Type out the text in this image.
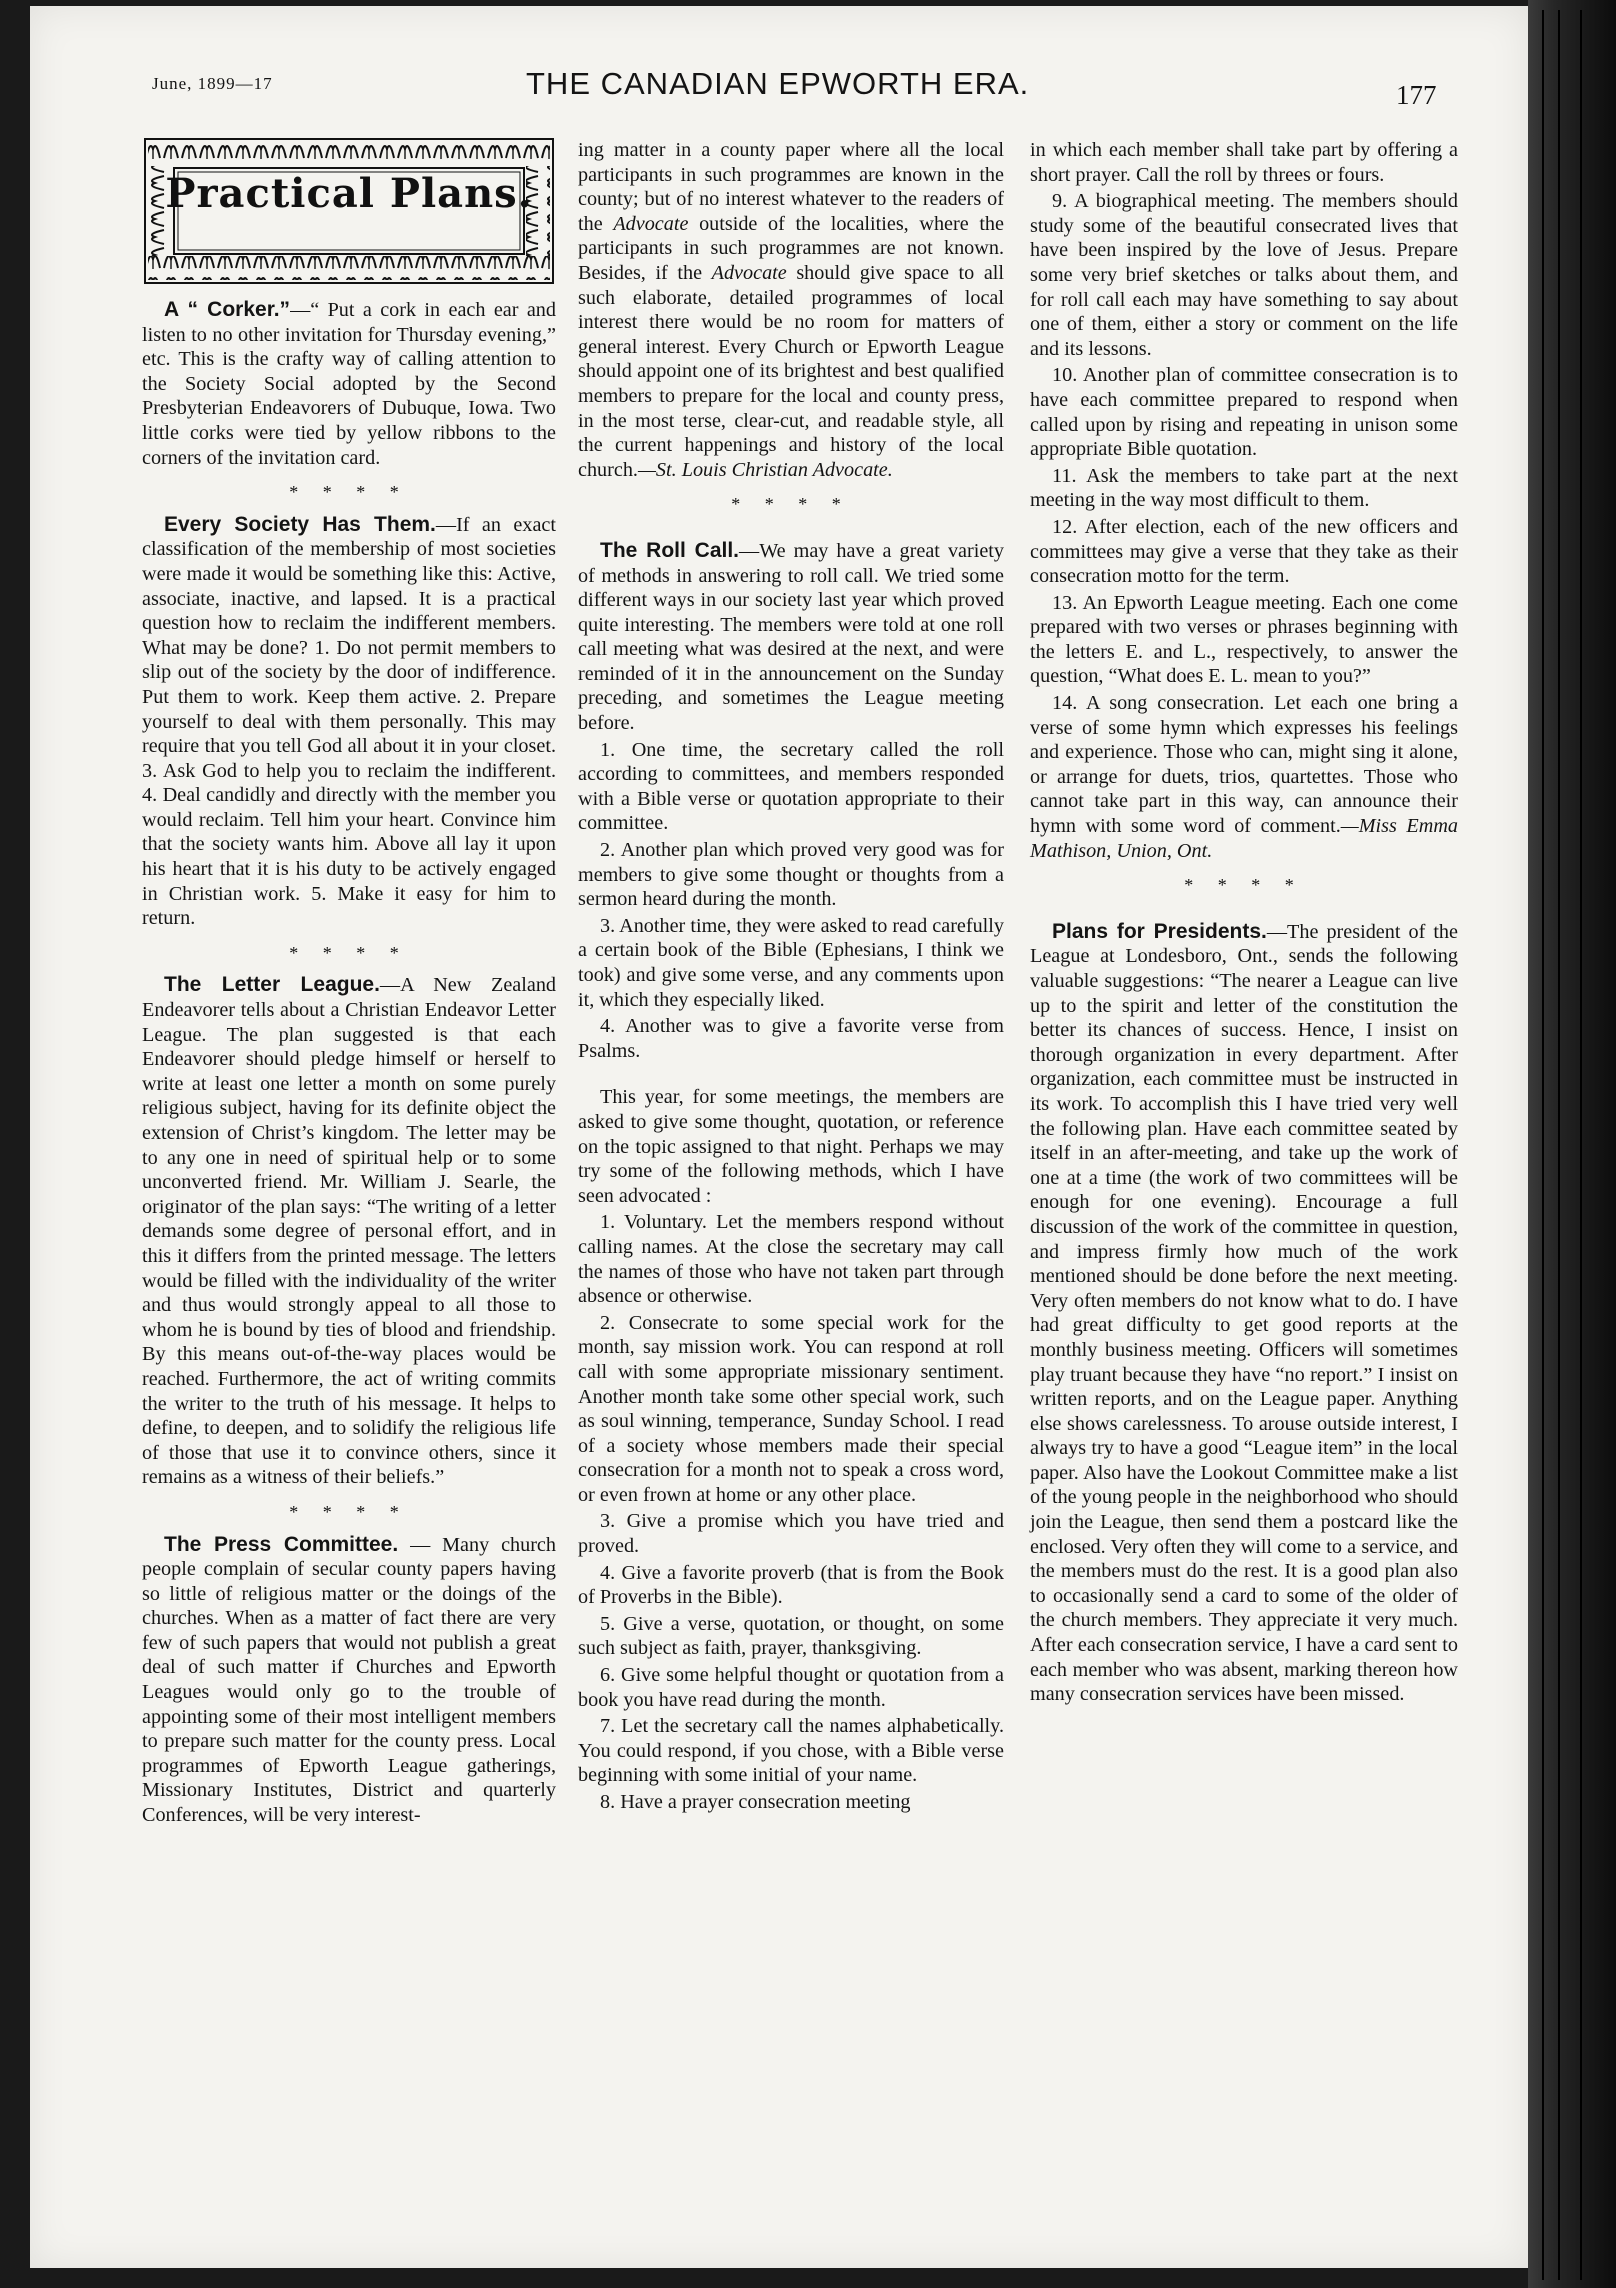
June, 1899—17	THE CANADIAN EPWORTH ERA.	177
Practical Plans.

A “ Corker.”—“ Put a cork in each ear and listen to no other invitation for Thursday evening,” etc. This is the crafty way of calling attention to the Society Social adopted by the Second Presbyterian Endeavorers of Dubuque, Iowa. Two little corks were tied by yellow ribbons to the corners of the invitation card.

* * * *

Every Society Has Them.—If an exact classification of the membership of most societies were made it would be something like this: Active, associate, inactive, and lapsed. It is a practical question how to reclaim the indifferent members. What may be done? 1. Do not permit members to slip out of the society by the door of indifference. Put them to work. Keep them active. 2. Prepare yourself to deal with them personally. This may require that you tell God all about it in your closet. 3. Ask God to help you to reclaim the indifferent. 4. Deal candidly and directly with the member you would reclaim. Tell him your heart. Convince him that the society wants him. Above all lay it upon his heart that it is his duty to be actively engaged in Christian work. 5. Make it easy for him to return.

* * * *

The Letter League.—A New Zealand Endeavorer tells about a Christian Endeavor Letter League. The plan suggested is that each Endeavorer should pledge himself or herself to write at least one letter a month on some purely religious subject, having for its definite object the extension of Christ’s kingdom. The letter may be to any one in need of spiritual help or to some unconverted friend. Mr. William J. Searle, the originator of the plan says: “The writing of a letter demands some degree of personal effort, and in this it differs from the printed message. The letters would be filled with the individuality of the writer and thus would strongly appeal to all those to whom he is bound by ties of blood and friendship. By this means out-of-the-way places would be reached. Furthermore, the act of writing commits the writer to the truth of his message. It helps to define, to deepen, and to solidify the religious life of those that use it to convince others, since it remains as a witness of their beliefs.”

* * * *

The Press Committee. — Many church people complain of secular county papers having so little of religious matter or the doings of the churches. When as a matter of fact there are very few of such papers that would not publish a great deal of such matter if Churches and Epworth Leagues would only go to the trouble of appointing some of their most intelligent members to prepare such matter for the county press. Local programmes of Epworth League gatherings, Missionary Institutes, District and quarterly Conferences, will be very interest-

ing matter in a county paper where all the local participants in such programmes are known in the county; but of no interest whatever to the readers of the Advocate outside of the localities, where the participants in such programmes are not known. Besides, if the Advocate should give space to all such elaborate, detailed programmes of local interest there would be no room for matters of general interest. Every Church or Epworth League should appoint one of its brightest and best qualified members to prepare for the local and county press, in the most terse, clear-cut, and readable style, all the current happenings and history of the local church.—St. Louis Christian Advocate.

* * * *

The Roll Call.—We may have a great variety of methods in answering to roll call. We tried some different ways in our society last year which proved quite interesting. The members were told at one roll call meeting what was desired at the next, and were reminded of it in the announcement on the Sunday preceding, and sometimes the League meeting before.

1. One time, the secretary called the roll according to committees, and members responded with a Bible verse or quotation appropriate to their committee.

2. Another plan which proved very good was for members to give some thought or thoughts from a sermon heard during the month.

3. Another time, they were asked to read carefully a certain book of the Bible (Ephesians, I think we took) and give some verse, and any comments upon it, which they especially liked.

4. Another was to give a favorite verse from Psalms.

This year, for some meetings, the members are asked to give some thought, quotation, or reference on the topic assigned to that night. Perhaps we may try some of the following methods, which I have seen advocated :

1. Voluntary. Let the members respond without calling names. At the close the secretary may call the names of those who have not taken part through absence or otherwise.

2. Consecrate to some special work for the month, say mission work. You can respond at roll call with some appropriate missionary sentiment. Another month take some other special work, such as soul winning, temperance, Sunday School. I read of a society whose members made their special consecration for a month not to speak a cross word, or even frown at home or any other place.

3. Give a promise which you have tried and proved.

4. Give a favorite proverb (that is from the Book of Proverbs in the Bible).

5. Give a verse, quotation, or thought, on some such subject as faith, prayer, thanksgiving.

6. Give some helpful thought or quotation from a book you have read during the month.

7. Let the secretary call the names alphabetically. You could respond, if you chose, with a Bible verse beginning with some initial of your name.

8. Have a prayer consecration meeting

in which each member shall take part by offering a short prayer. Call the roll by threes or fours.

9. A biographical meeting. The members should study some of the beautiful consecrated lives that have been inspired by the love of Jesus. Prepare some very brief sketches or talks about them, and for roll call each may have something to say about one of them, either a story or comment on the life and its lessons.

10. Another plan of committee consecration is to have each committee prepared to respond when called upon by rising and repeating in unison some appropriate Bible quotation.

11. Ask the members to take part at the next meeting in the way most difficult to them.

12. After election, each of the new officers and committees may give a verse that they take as their consecration motto for the term.

13. An Epworth League meeting. Each one come prepared with two verses or phrases beginning with the letters E. and L., respectively, to answer the question, “What does E. L. mean to you?”

14. A song consecration. Let each one bring a verse of some hymn which expresses his feelings and experience. Those who can, might sing it alone, or arrange for duets, trios, quartettes. Those who cannot take part in this way, can announce their hymn with some word of comment.—Miss Emma Mathison, Union, Ont.

* * * *

Plans for Presidents.—The president of the League at Londesboro, Ont., sends the following valuable suggestions: “The nearer a League can live up to the spirit and letter of the constitution the better its chances of success. Hence, I insist on thorough organization in every department. After organization, each committee must be instructed in its work. To accomplish this I have tried very well the following plan. Have each committee seated by itself in an after-meeting, and take up the work of one at a time (the work of two committees will be enough for one evening). Encourage a full discussion of the work of the committee in question, and impress firmly how much of the work mentioned should be done before the next meeting. Very often members do not know what to do. I have had great difficulty to get good reports at the monthly business meeting. Officers will sometimes play truant because they have “no report.” I insist on written reports, and on the League paper. Anything else shows carelessness. To arouse outside interest, I always try to have a good “League item” in the local paper. Also have the Lookout Committee make a list of the young people in the neighborhood who should join the League, then send them a postcard like the enclosed. Very often they will come to a service, and the members must do the rest. It is a good plan also to occasionally send a card to some of the older of the church members. They appreciate it very much. After each consecration service, I have a card sent to each member who was absent, marking thereon how many consecration services have been missed.
